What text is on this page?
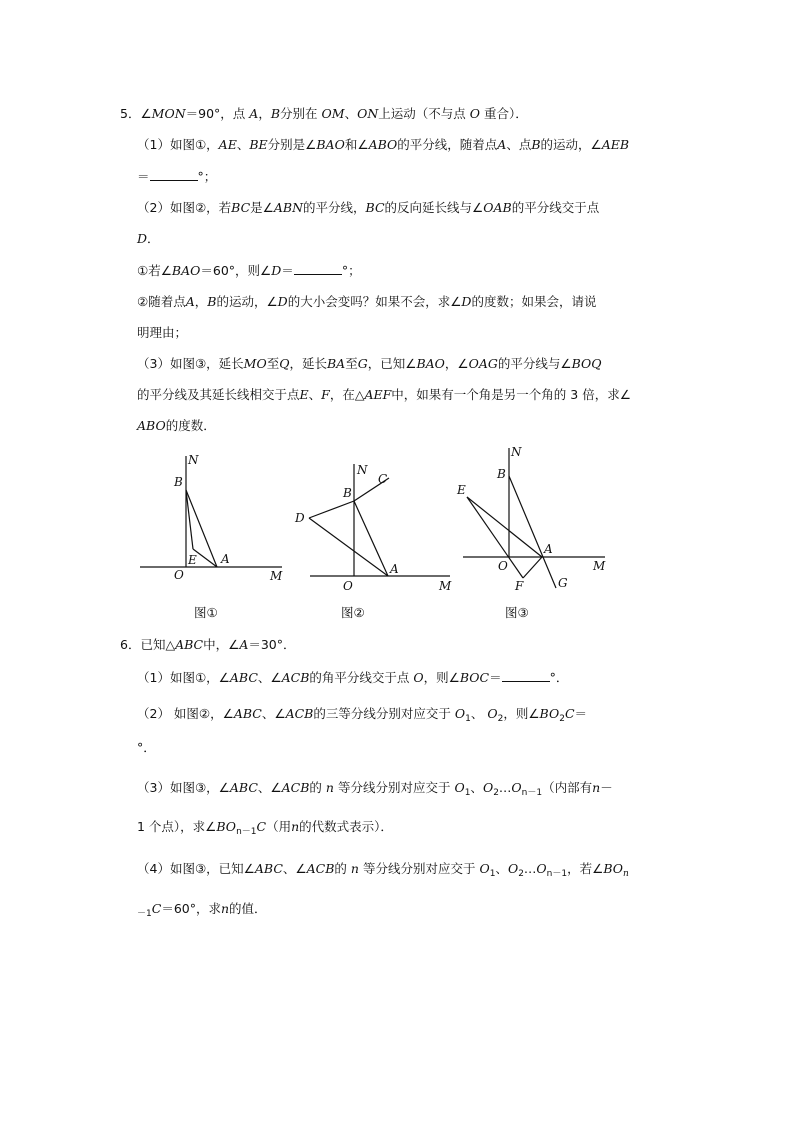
5．∠MON＝90°，点 A，B分别在 OM、ON上运动（不与点 O 重合）．
（1）如图①，AE、BE分别是∠BAO和∠ABO的平分线，随着点A、点B的运动，∠AEB
＝	°；
（2）如图②，若BC是∠ABN的平分线，BC的反向延长线与∠OAB的平分线交于点
D．
①若∠BAO＝60°，则∠D＝	°；
②随着点A，B的运动，∠D的大小会变吗？如果不会，求∠D的度数；如果会，请说
明理由；
（3）如图③，延长MO至Q，延长BA至G，已知∠BAO，∠OAG的平分线与∠BOQ
的平分线及其延长线相交于点E、F，在△AEF中，如果有一个角是另一个角的 3 倍，求∠
ABO的度数．
N
B
E A
O	M
图①
N
C
B
D
O
A
M
图②
N
B
E
A
O
F	G
M
图③
6．已知△ABC中，∠A＝30°．
（1）如图①，∠ABC、∠ACB的角平分线交于点 O，则∠BOC＝	°．
（2） 如图②，∠ABC、∠ACB的三等分线分别对应交于 $O_1$、 $O_2$，则$\angle BO_2C=$
°．
（3）如图③，∠ABC、∠ACB的 n 等分线分别对应交于 $O_1$、$O_2\dots O_{n-1}$（内部有n－
1 个点），求$\angle BO_{n-1}C$（用n的代数式表示）．
（4）如图③，已知∠ABC、∠ACB的 n 等分线分别对应交于 $O_1$、$O_2\dots O_{n-1}$，若$\angle BO_n$
$_{-1}$C＝60°，求n的值．
